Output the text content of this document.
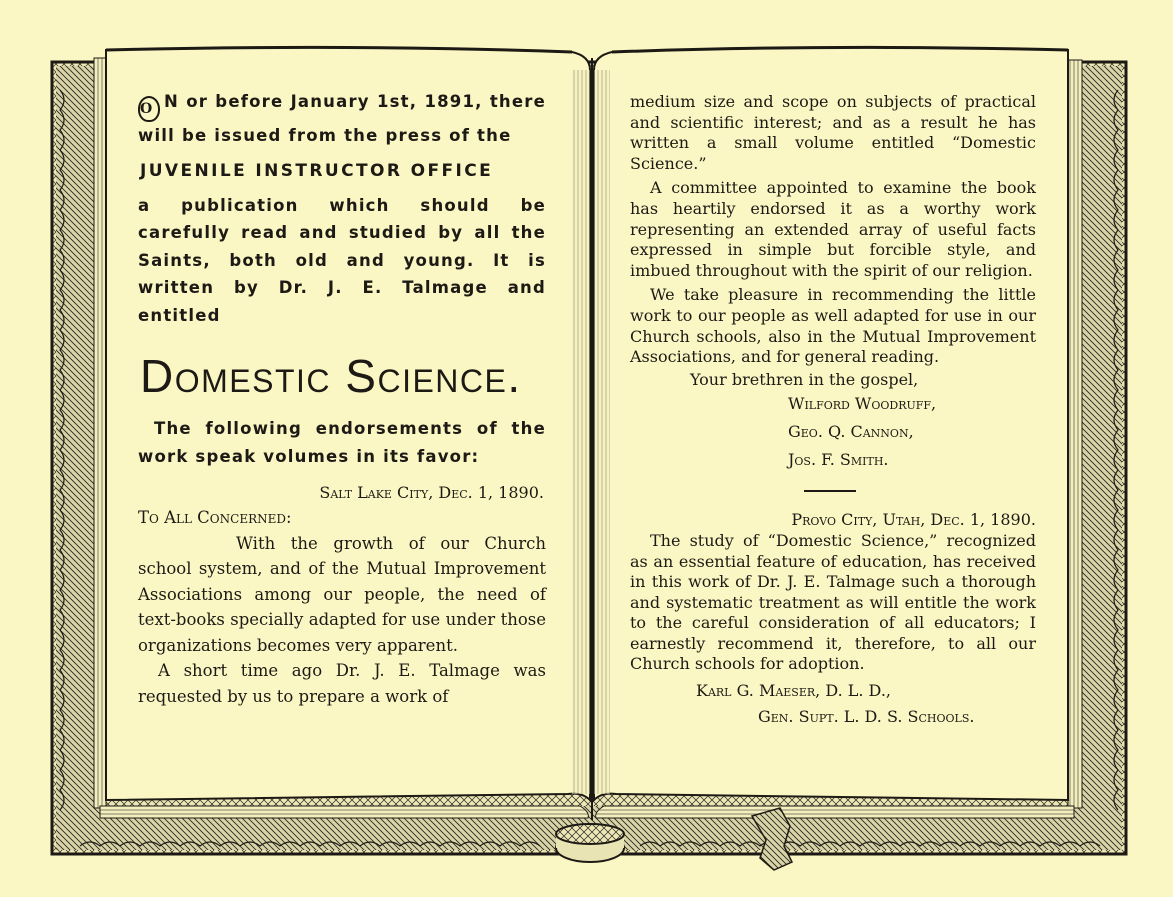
O N or before January 1st, 1891, there will be issued from the press of the

JUVENILE INSTRUCTOR OFFICE

a publication which should be carefully read and studied by all the Saints, both old and young. It is written by Dr. J. E. Talmage and entitled

Domestic Science.

The following endorsements of the work speak volumes in its favor:

Salt Lake City, Dec. 1, 1890.
To All Concerned:

With the growth of our Church school system, and of the Mutual Improvement Associations among our people, the need of text-books specially adapted for use under those organizations becomes very apparent.

A short time ago Dr. J. E. Talmage was requested by us to prepare a work of

medium size and scope on subjects of practical and scientific interest; and as a result he has written a small volume entitled “Domestic Science.”

A committee appointed to examine the book has heartily endorsed it as a worthy work representing an extended array of useful facts expressed in simple but forcible style, and imbued throughout with the spirit of our religion.

We take pleasure in recommending the little work to our people as well adapted for use in our Church schools, also in the Mutual Improvement Associations, and for general reading.

Your brethren in the gospel,
Wilford Woodruff,
Geo. Q. Cannon,
Jos. F. Smith.
Provo City, Utah, Dec. 1, 1890.

The study of “Domestic Science,” recognized as an essential feature of education, has received in this work of Dr. J. E. Talmage such a thorough and systematic treatment as will entitle the work to the careful consideration of all educators; I earnestly recommend it, therefore, to all our Church schools for adoption.

Karl G. Maeser, D. L. D.,
Gen. Supt. L. D. S. Schools.
